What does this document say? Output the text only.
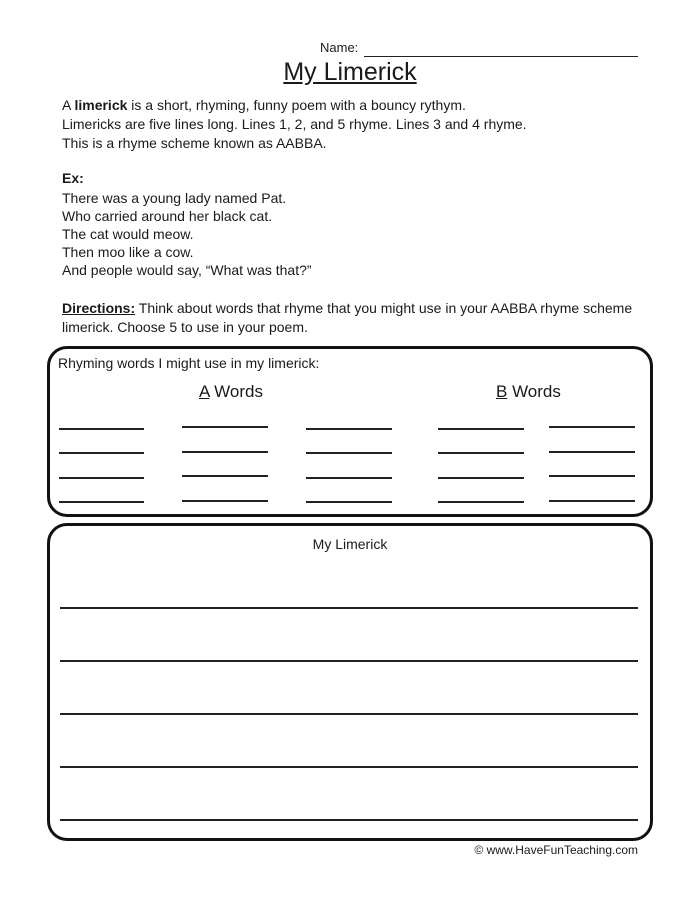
Name:
My Limerick

A limerick is a short, rhyming, funny poem with a bouncy rythym.

Limericks are five lines long. Lines 1, 2, and 5 rhyme. Lines 3 and 4 rhyme.

This is a rhyme scheme known as AABBA.

Ex:
There was a young lady named Pat.
Who carried around her black cat.
The cat would meow.
Then moo like a cow.
And people would say, “What was that?”
Directions: Think about words that rhyme that you might use in your AABBA rhyme scheme limerick. Choose 5 to use in your poem.
Rhyming words I might use in my limerick:
A Words	B Words
My Limerick
© www.HaveFunTeaching.com
